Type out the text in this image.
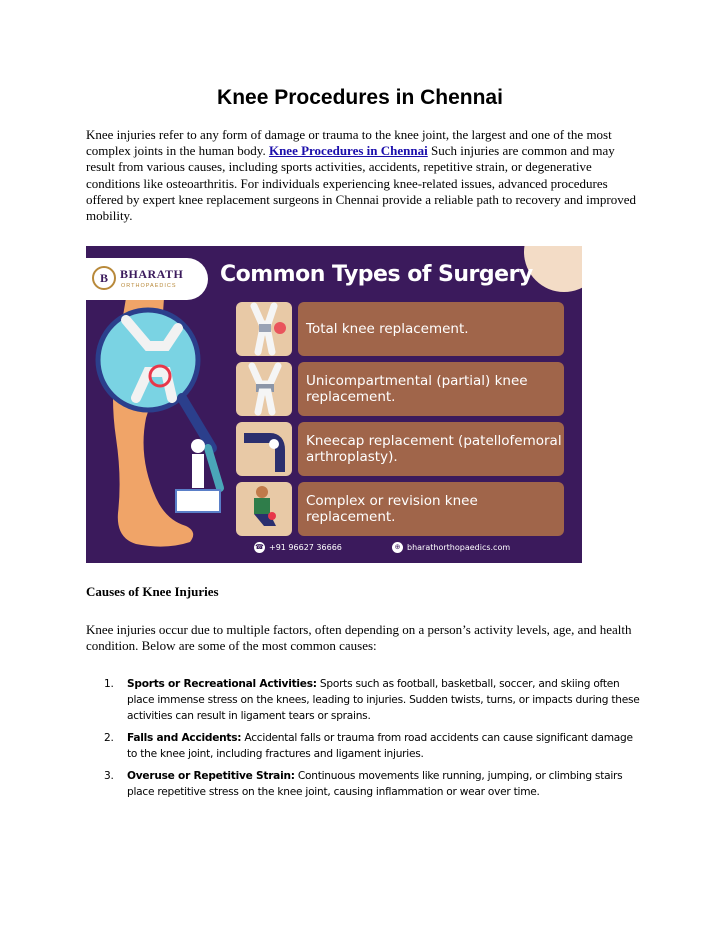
Knee Procedures in Chennai

Knee injuries refer to any form of damage or trauma to the knee joint, the largest and one of the most complex joints in the human body. Knee Procedures in Chennai Such injuries are common and may result from various causes, including sports activities, accidents, repetitive strain, or degenerative conditions like osteoarthritis. For individuals experiencing knee-related issues, advanced procedures offered by expert knee replacement surgeons in Chennai provide a reliable path to recovery and improved mobility.

B	BHARATH
ORTHOPAEDICS Common Types of Surgery
Total knee replacement.
Unicompartmental (partial) knee replacement.
Kneecap replacement (patellofemoral arthroplasty).
Complex or revision knee replacement.
☎ +91 96627 36666	⊕ bharathorthopaedics.com
Causes of Knee Injuries

Knee injuries occur due to multiple factors, often depending on a person’s activity levels, age, and health condition. Below are some of the most common causes:

1. Sports or Recreational Activities: Sports such as football, basketball, soccer, and skiing often place immense stress on the knees, leading to injuries. Sudden twists, turns, or impacts during these activities can result in ligament tears or sprains.
2. Falls and Accidents: Accidental falls or trauma from road accidents can cause significant damage to the knee joint, including fractures and ligament injuries.
3. Overuse or Repetitive Strain: Continuous movements like running, jumping, or climbing stairs place repetitive stress on the knee joint, causing inflammation or wear over time.
